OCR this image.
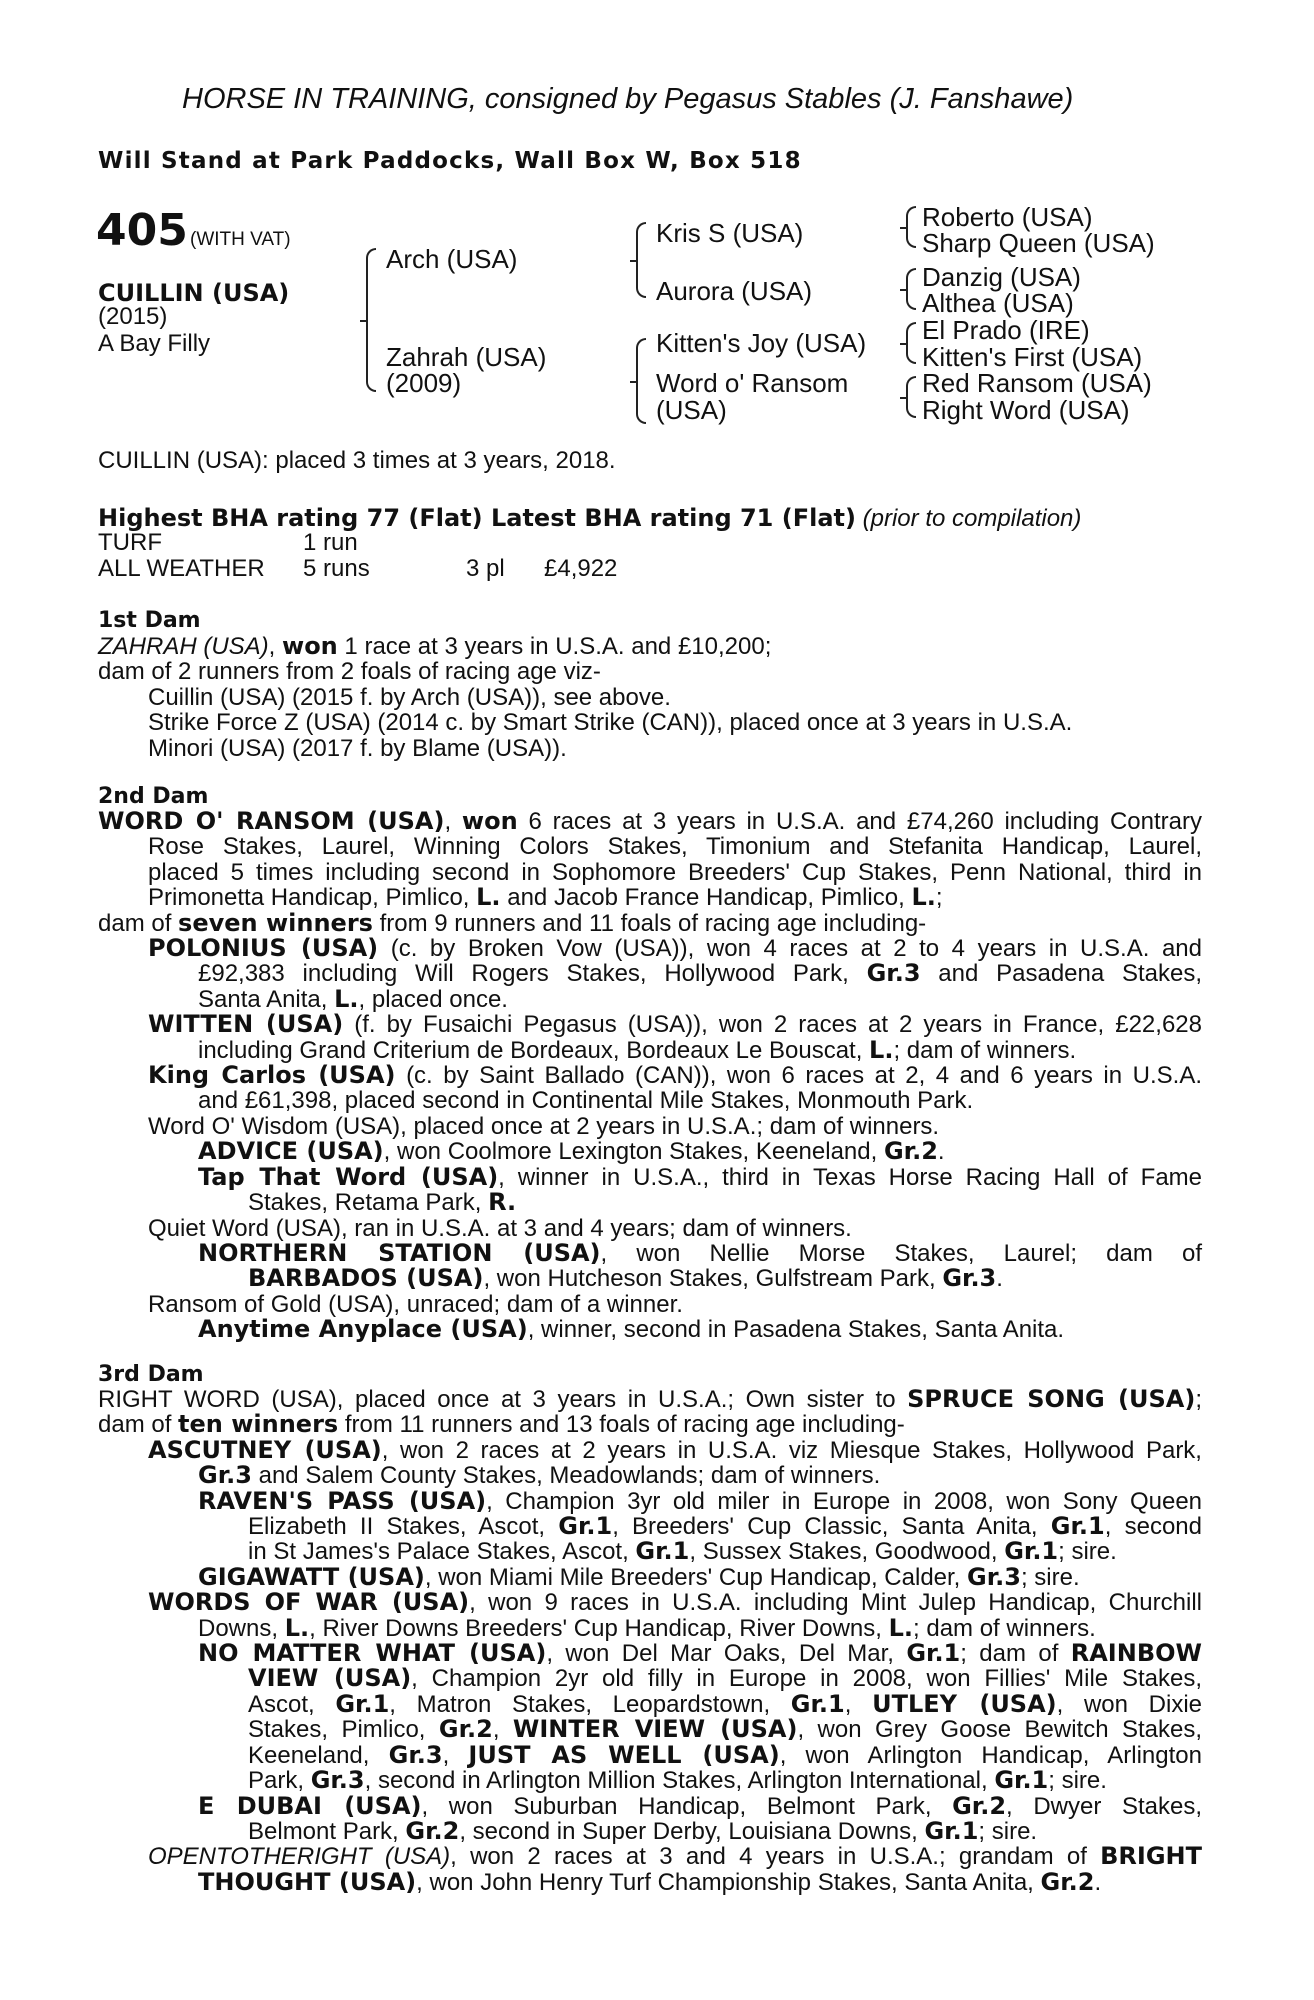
HORSE IN TRAINING, consigned by Pegasus Stables (J. Fanshawe)
Will Stand at Park Paddocks, Wall Box W, Box 518
405 (WITH VAT)
CUILLIN (USA)
(2015)
A Bay Filly
Arch (USA)
Zahrah (USA)
(2009)
Kris S (USA)
Aurora (USA)
Kitten's Joy (USA)
Word o' Ransom
(USA)
Roberto (USA)
Sharp Queen (USA)
Danzig (USA)
Althea (USA)
El Prado (IRE)
Kitten's First (USA)
Red Ransom (USA)
Right Word (USA)
CUILLIN (USA): placed 3 times at 3 years, 2018.
Highest BHA rating 77 (Flat) Latest BHA rating 71 (Flat) (prior to compilation)
TURF	1 run
ALL WEATHER 5 runs	3 pl £4,922
1st Dam
ZAHRAH (USA), won 1 race at 3 years in U.S.A. and £10,200;
dam of 2 runners from 2 foals of racing age viz-
Cuillin (USA) (2015 f. by Arch (USA)), see above.
Strike Force Z (USA) (2014 c. by Smart Strike (CAN)), placed once at 3 years in U.S.A.
Minori (USA) (2017 f. by Blame (USA)).
2nd Dam
WORD O' RANSOM (USA), won 6 races at 3 years in U.S.A. and £74,260 including Contrary
Rose Stakes, Laurel, Winning Colors Stakes, Timonium and Stefanita Handicap, Laurel,
placed 5 times including second in Sophomore Breeders' Cup Stakes, Penn National, third in
Primonetta Handicap, Pimlico, L. and Jacob France Handicap, Pimlico, L.;
dam of seven winners from 9 runners and 11 foals of racing age including-
POLONIUS (USA) (c. by Broken Vow (USA)), won 4 races at 2 to 4 years in U.S.A. and
£92,383 including Will Rogers Stakes, Hollywood Park, Gr.3 and Pasadena Stakes,
Santa Anita, L., placed once.
WITTEN (USA) (f. by Fusaichi Pegasus (USA)), won 2 races at 2 years in France, £22,628
including Grand Criterium de Bordeaux, Bordeaux Le Bouscat, L.; dam of winners.
King Carlos (USA) (c. by Saint Ballado (CAN)), won 6 races at 2, 4 and 6 years in U.S.A.
and £61,398, placed second in Continental Mile Stakes, Monmouth Park.
Word O' Wisdom (USA), placed once at 2 years in U.S.A.; dam of winners.
ADVICE (USA), won Coolmore Lexington Stakes, Keeneland, Gr.2.
Tap That Word (USA), winner in U.S.A., third in Texas Horse Racing Hall of Fame
Stakes, Retama Park, R.
Quiet Word (USA), ran in U.S.A. at 3 and 4 years; dam of winners.
NORTHERN STATION (USA), won Nellie Morse Stakes, Laurel; dam of
BARBADOS (USA), won Hutcheson Stakes, Gulfstream Park, Gr.3.
Ransom of Gold (USA), unraced; dam of a winner.
Anytime Anyplace (USA), winner, second in Pasadena Stakes, Santa Anita.
3rd Dam
RIGHT WORD (USA), placed once at 3 years in U.S.A.; Own sister to SPRUCE SONG (USA);
dam of ten winners from 11 runners and 13 foals of racing age including-
ASCUTNEY (USA), won 2 races at 2 years in U.S.A. viz Miesque Stakes, Hollywood Park,
Gr.3 and Salem County Stakes, Meadowlands; dam of winners.
RAVEN'S PASS (USA), Champion 3yr old miler in Europe in 2008, won Sony Queen
Elizabeth II Stakes, Ascot, Gr.1, Breeders' Cup Classic, Santa Anita, Gr.1, second
in St James's Palace Stakes, Ascot, Gr.1, Sussex Stakes, Goodwood, Gr.1; sire.
GIGAWATT (USA), won Miami Mile Breeders' Cup Handicap, Calder, Gr.3; sire.
WORDS OF WAR (USA), won 9 races in U.S.A. including Mint Julep Handicap, Churchill
Downs, L., River Downs Breeders' Cup Handicap, River Downs, L.; dam of winners.
NO MATTER WHAT (USA), won Del Mar Oaks, Del Mar, Gr.1; dam of RAINBOW
VIEW (USA), Champion 2yr old filly in Europe in 2008, won Fillies' Mile Stakes,
Ascot, Gr.1, Matron Stakes, Leopardstown, Gr.1, UTLEY (USA), won Dixie
Stakes, Pimlico, Gr.2, WINTER VIEW (USA), won Grey Goose Bewitch Stakes,
Keeneland, Gr.3, JUST AS WELL (USA), won Arlington Handicap, Arlington
Park, Gr.3, second in Arlington Million Stakes, Arlington International, Gr.1; sire.
E DUBAI (USA), won Suburban Handicap, Belmont Park, Gr.2, Dwyer Stakes,
Belmont Park, Gr.2, second in Super Derby, Louisiana Downs, Gr.1; sire.
OPENTOTHERIGHT (USA), won 2 races at 3 and 4 years in U.S.A.; grandam of BRIGHT
THOUGHT (USA), won John Henry Turf Championship Stakes, Santa Anita, Gr.2.
